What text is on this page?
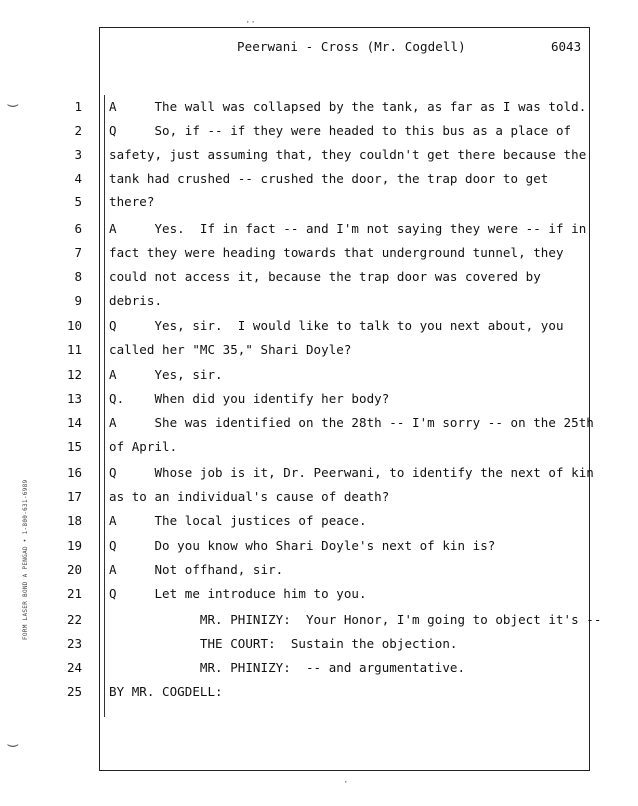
Peerwani - Cross (Mr. Cogdell)	6043
‿
‿
··
·
FORM LASER BOND A PENGAD • 1-800-631-6989
1 A     The wall was collapsed by the tank, as far as I was told.
2 Q     So, if -- if they were headed to this bus as a place of
3 safety, just assuming that, they couldn't get there because the
4 tank had crushed -- crushed the door, the trap door to get
5 there?
6 A     Yes.  If in fact -- and I'm not saying they were -- if in
7 fact they were heading towards that underground tunnel, they
8 could not access it, because the trap door was covered by
9 debris.
10 Q     Yes, sir.  I would like to talk to you next about, you
11 called her "MC 35," Shari Doyle?
12 A     Yes, sir.
13 Q.    When did you identify her body?
14 A     She was identified on the 28th -- I'm sorry -- on the 25th
15 of April.
16 Q     Whose job is it, Dr. Peerwani, to identify the next of kin
17 as to an individual's cause of death?
18 A     The local justices of peace.
19 Q     Do you know who Shari Doyle's next of kin is?
20 A     Not offhand, sir.
21 Q     Let me introduce him to you.
22 MR. PHINIZY:  Your Honor, I'm going to object it's --
23 THE COURT:  Sustain the objection.
24 MR. PHINIZY:  -- and argumentative.
25 BY MR. COGDELL:
